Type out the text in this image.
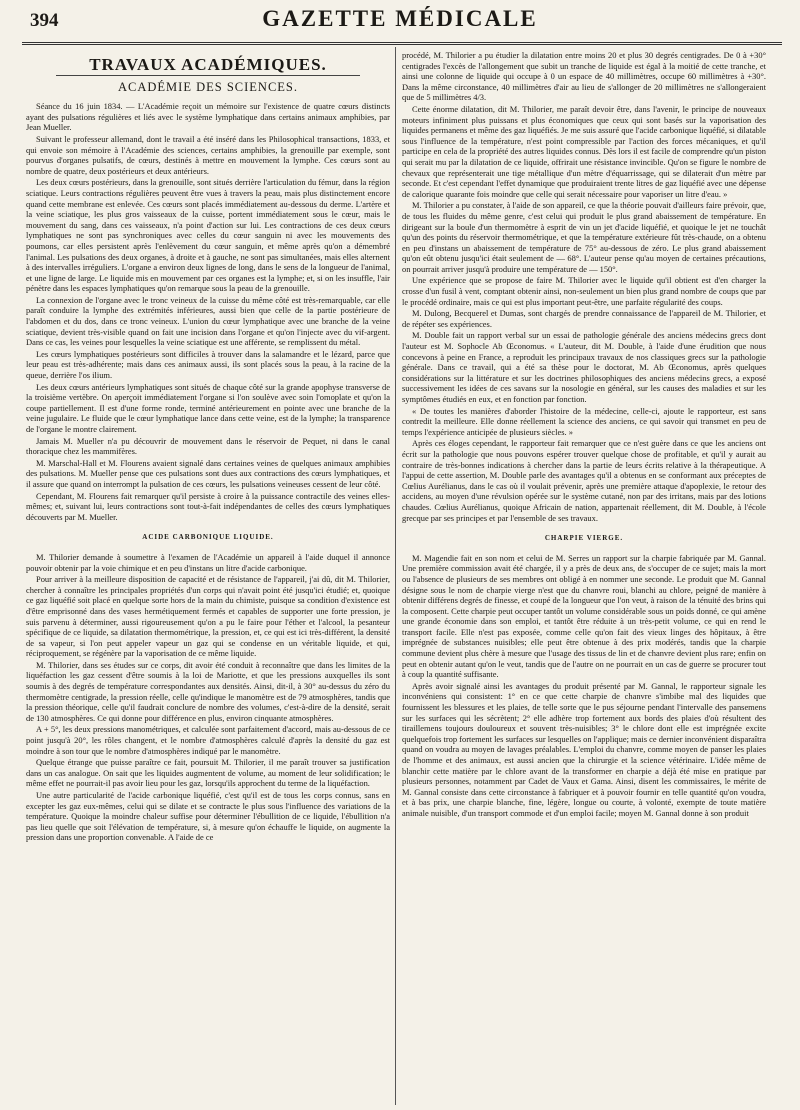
394	GAZETTE MÉDICALE
TRAVAUX ACADÉMIQUES.
ACADÉMIE DES SCIENCES.

Séance du 16 juin 1834. — L'Académie reçoit un mémoire sur l'existence de quatre cœurs distincts ayant des pulsations régulières et liés avec le système lymphatique dans certains animaux amphibies, par Jean Mueller.

Suivant le professeur allemand, dont le travail a été inséré dans les Philosophical transactions, 1833, et qui envoie son mémoire à l'Académie des sciences, certains amphibies, la grenouille par exemple, sont pourvus d'organes pulsatifs, de cœurs, destinés à mettre en mouvement la lymphe. Ces cœurs sont au nombre de quatre, deux postérieurs et deux antérieurs.

Les deux cœurs postérieurs, dans la grenouille, sont situés derrière l'articulation du fémur, dans la région sciatique. Leurs contractions régulières peuvent être vues à travers la peau, mais plus distinctement encore quand cette membrane est enlevée. Ces cœurs sont placés immédiatement au-dessous du derme. L'artère et la veine sciatique, les plus gros vaisseaux de la cuisse, portent immédiatement sous le cœur, mais le mouvement du sang, dans ces vaisseaux, n'a point d'action sur lui. Les contractions de ces deux cœurs lymphatiques ne sont pas synchroniques avec celles du cœur sanguin ni avec les mouvements des poumons, car elles persistent après l'enlèvement du cœur sanguin, et même après qu'on a démembré l'animal. Les pulsations des deux organes, à droite et à gauche, ne sont pas simultanées, mais elles alternent à des intervalles irréguliers. L'organe a environ deux lignes de long, dans le sens de la longueur de l'animal, et une ligne de large. Le liquide mis en mouvement par ces organes est la lymphe; et, si on les insuffle, l'air pénètre dans les espaces lymphatiques qu'on remarque sous la peau de la grenouille.

La connexion de l'organe avec le tronc veineux de la cuisse du même côté est très-remarquable, car elle paraît conduire la lymphe des extrémités inférieures, aussi bien que celle de la partie postérieure de l'abdomen et du dos, dans ce tronc veineux. L'union du cœur lymphatique avec une branche de la veine sciatique, devient très-visible quand on fait une incision dans l'organe et qu'on l'injecte avec du vif-argent. Dans ce cas, les veines pour lesquelles la veine sciatique est une afférente, se remplissent du métal.

Les cœurs lymphatiques postérieurs sont difficiles à trouver dans la salamandre et le lézard, parce que leur peau est très-adhérente; mais dans ces animaux aussi, ils sont placés sous la peau, à la racine de la queue, derrière l'os ilium.

Les deux cœurs antérieurs lymphatiques sont situés de chaque côté sur la grande apophyse transverse de la troisième vertèbre. On aperçoit immédiatement l'organe si l'on soulève avec soin l'omoplate et qu'on la coupe partiellement. Il est d'une forme ronde, terminé antérieurement en pointe avec une branche de la veine jugulaire. Le fluide que le cœur lymphatique lance dans cette veine, est de la lymphe; la transparence de l'organe le montre clairement.

Jamais M. Mueller n'a pu découvrir de mouvement dans le réservoir de Pequet, ni dans le canal thoracique chez les mammifères.

M. Marschal-Hall et M. Flourens avaient signalé dans certaines veines de quelques animaux amphibies des pulsations. M. Mueller pense que ces pulsations sont dues aux contractions des cœurs lymphatiques, et il assure que quand on interrompt la pulsation de ces cœurs, les pulsations veineuses cessent de leur côté.

Cependant, M. Flourens fait remarquer qu'il persiste à croire à la puissance contractile des veines elles-mêmes; et, suivant lui, leurs contractions sont tout-à-fait indépendantes de celles des cœurs lymphatiques découverts par M. Mueller.

ACIDE CARBONIQUE LIQUIDE.

M. Thilorier demande à soumettre à l'examen de l'Académie un appareil à l'aide duquel il annonce pouvoir obtenir par la voie chimique et en peu d'instans un litre d'acide carbonique.

Pour arriver à la meilleure disposition de capacité et de résistance de l'appareil, j'ai dû, dit M. Thilorier, chercher à connaître les principales propriétés d'un corps qui n'avait point été jusqu'ici étudié; et, quoique ce gaz liquéfié soit placé en quelque sorte hors de la main du chimiste, puisque sa condition d'existence est d'être emprisonné dans des vases hermétiquement fermés et capables de supporter une forte pression, je suis parvenu à déterminer, aussi rigoureusement qu'on a pu le faire pour l'éther et l'alcool, la pesanteur spécifique de ce liquide, sa dilatation thermométrique, la pression, et, ce qui est ici très-différent, la densité de sa vapeur, si l'on peut appeler vapeur un gaz qui se condense en un véritable liquide, et qui, réciproquement, se régénère par la vaporisation de ce même liquide.

M. Thilorier, dans ses études sur ce corps, dit avoir été conduit à reconnaître que dans les limites de la liquéfaction les gaz cessent d'être soumis à la loi de Mariotte, et que les pressions auxquelles ils sont soumis à des degrés de température correspondantes aux densités. Ainsi, dit-il, à 30° au-dessus du zéro du thermomètre centigrade, la pression réelle, celle qu'indique le manomètre est de 79 atmosphères, tandis que la pression théorique, celle qu'il faudrait conclure de nombre des volumes, c'est-à-dire de la densité, serait de 130 atmosphères. Ce qui donne pour différence en plus, environ cinquante atmosphères.

A + 5°, les deux pressions manométriques, et calculée sont parfaitement d'accord, mais au-dessous de ce point jusqu'à 20°, les rôles changent, et le nombre d'atmosphères calculé d'après la densité du gaz est moindre à son tour que le nombre d'atmosphères indiqué par le manomètre.

Quelque étrange que puisse paraître ce fait, poursuit M. Thilorier, il me paraît trouver sa justification dans un cas analogue. On sait que les liquides augmentent de volume, au moment de leur solidification; le même effet ne pourrait-il pas avoir lieu pour les gaz, lorsqu'ils approchent du terme de la liquéfaction.

Une autre particularité de l'acide carbonique liquéfié, c'est qu'il est de tous les corps connus, sans en excepter les gaz eux-mêmes, celui qui se dilate et se contracte le plus sous l'influence des variations de la température. Quoique la moindre chaleur suffise pour déterminer l'ébullition de ce liquide, l'ébullition n'a pas lieu quelle que soit l'élévation de température, si, à mesure qu'on échauffe le liquide, on augmente la pression dans une proportion convenable. A l'aide de ce

procédé, M. Thilorier a pu étudier la dilatation entre moins 20 et plus 30 degrés centigrades. De 0 à +30° centigrades l'excès de l'allongement que subit un tranche de liquide est égal à la moitié de cette tranche, et ainsi une colonne de liquide qui occupe à 0 un espace de 40 millimètres, occupe 60 millimètres à +30°. Dans la même circonstance, 40 millimètres d'air au lieu de s'allonger de 20 millimètres ne s'allongeraient que de 5 millimètres 4/3.

Cette énorme dilatation, dit M. Thilorier, me paraît devoir être, dans l'avenir, le principe de nouveaux moteurs infiniment plus puissans et plus économiques que ceux qui sont basés sur la vaporisation des liquides permanens et même des gaz liquéfiés. Je me suis assuré que l'acide carbonique liquéfié, si dilatable sous l'influence de la température, n'est point compressible par l'action des forces mécaniques, et qu'il participe en cela de la propriété des autres liquides connus. Dès lors il est facile de comprendre qu'un piston qui serait mu par la dilatation de ce liquide, offrirait une résistance invincible. Qu'on se figure le nombre de chevaux que représenterait une tige métallique d'un mètre d'équarrissage, qui se dilaterait d'un mètre par seconde. Et c'est cependant l'effet dynamique que produiraient trente litres de gaz liquéfié avec une dépense de calorique quarante fois moindre que celle qui serait nécessaire pour vaporiser un litre d'eau. »

M. Thilorier a pu constater, à l'aide de son appareil, ce que la théorie pouvait d'ailleurs faire prévoir, que, de tous les fluides du même genre, c'est celui qui produit le plus grand abaissement de température. En dirigeant sur la boule d'un thermomètre à esprit de vin un jet d'acide liquéfié, et quoique le jet ne touchât qu'un des points du réservoir thermométrique, et que la température extérieure fût très-chaude, on a obtenu en peu d'instans un abaissement de température de 75° au-dessous de zéro. Le plus grand abaissement qu'on eût obtenu jusqu'ici était seulement de — 68°. L'auteur pense qu'au moyen de certaines précautions, on pourrait arriver jusqu'à produire une température de — 150°.

Une expérience que se propose de faire M. Thilorier avec le liquide qu'il obtient est d'en charger la crosse d'un fusil à vent, comptant obtenir ainsi, non-seulement un bien plus grand nombre de coups que par le procédé ordinaire, mais ce qui est plus important peut-être, une parfaite régularité des coups.

M. Dulong, Becquerel et Dumas, sont chargés de prendre connaissance de l'appareil de M. Thilorier, et de répéter ses expériences.

M. Double fait un rapport verbal sur un essai de pathologie générale des anciens médecins grecs dont l'auteur est M. Sophocle Ab Œconomus. « L'auteur, dit M. Double, à l'aide d'une érudition que nous concevons à peine en France, a reproduit les principaux travaux de nos classiques grecs sur la pathologie générale. Dans ce travail, qui a été sa thèse pour le doctorat, M. Ab Œconomus, après quelques considérations sur la littérature et sur les doctrines philosophiques des anciens médecins grecs, a exposé successivement les idées de ces savans sur la nosologie en général, sur les causes des maladies et sur les symptômes étudiés en eux, et en fonction par fonction.

« De toutes les manières d'aborder l'histoire de la médecine, celle-ci, ajoute le rapporteur, est sans contredit la meilleure. Elle donne réellement la science des anciens, ce qui savoir qui transmet en peu de temps l'expérience anticipée de plusieurs siècles. »

Après ces éloges cependant, le rapporteur fait remarquer que ce n'est guère dans ce que les anciens ont écrit sur la pathologie que nous pouvons espérer trouver quelque chose de profitable, et qu'il y aurait au contraire de très-bonnes indications à chercher dans la partie de leurs écrits relative à la thérapeutique. A l'appui de cette assertion, M. Double parle des avantages qu'il a obtenus en se conformant aux préceptes de Cœlius Aurélianus, dans le cas où il voulait prévenir, après une première attaque d'apoplexie, le retour des accidens, au moyen d'une révulsion opérée sur le système cutané, non par des irritans, mais par des lotions chaudes. Cœlius Aurélianus, quoique Africain de nation, appartenait réellement, dit M. Double, à l'école grecque par ses principes et par l'ensemble de ses travaux.

CHARPIE VIERGE.

M. Magendie fait en son nom et celui de M. Serres un rapport sur la charpie fabriquée par M. Gannal. Une première commission avait été chargée, il y a près de deux ans, de s'occuper de ce sujet; mais la mort ou l'absence de plusieurs de ses membres ont obligé à en nommer une seconde. Le produit que M. Gannal désigne sous le nom de charpie vierge n'est que du chanvre roui, blanchi au chlore, peigné de manière à obtenir différens degrés de finesse, et coupé de la longueur que l'on veut, à raison de la ténuité des brins qui la composent. Cette charpie peut occuper tantôt un volume considérable sous un poids donné, ce qui amène une grande économie dans son emploi, et tantôt être réduite à un très-petit volume, ce qui en rend le transport facile. Elle n'est pas exposée, comme celle qu'on fait des vieux linges des hôpitaux, à être imprégnée de substances nuisibles; elle peut être obtenue à des prix modérés, tandis que la charpie commune devient plus chère à mesure que l'usage des tissus de lin et de chanvre devient plus rare; enfin on peut en obtenir autant qu'on le veut, tandis que de l'autre on ne pourrait en un cas de guerre se procurer tout à coup la quantité suffisante.

Après avoir signalé ainsi les avantages du produit présenté par M. Gannal, le rapporteur signale les inconvéniens qui consistent: 1° en ce que cette charpie de chanvre s'imbibe mal des liquides que fournissent les blessures et les plaies, de telle sorte que le pus séjourne pendant l'intervalle des pansemens sur les surfaces qui les sécrètent; 2° elle adhère trop fortement aux bords des plaies d'où résultent des tiraillemens toujours douloureux et souvent très-nuisibles; 3° le chlore dont elle est imprégnée excite quelquefois trop fortement les surfaces sur lesquelles on l'applique; mais ce dernier inconvénient disparaîtra quand on voudra au moyen de lavages préalables. L'emploi du chanvre, comme moyen de panser les plaies de l'homme et des animaux, est aussi ancien que la chirurgie et la science vétérinaire. L'idée même de blanchir cette matière par le chlore avant de la transformer en charpie a déjà été mise en pratique par plusieurs personnes, notamment par Cadet de Vaux et Gama. Ainsi, disent les commissaires, le mérite de M. Gannal consiste dans cette circonstance à fabriquer et à pouvoir fournir en telle quantité qu'on voudra, et à bas prix, une charpie blanche, fine, légère, longue ou courte, à volonté, exempte de toute matière animale nuisible, d'un transport commode et d'un emploi facile; moyen M. Gannal donne à son produit
